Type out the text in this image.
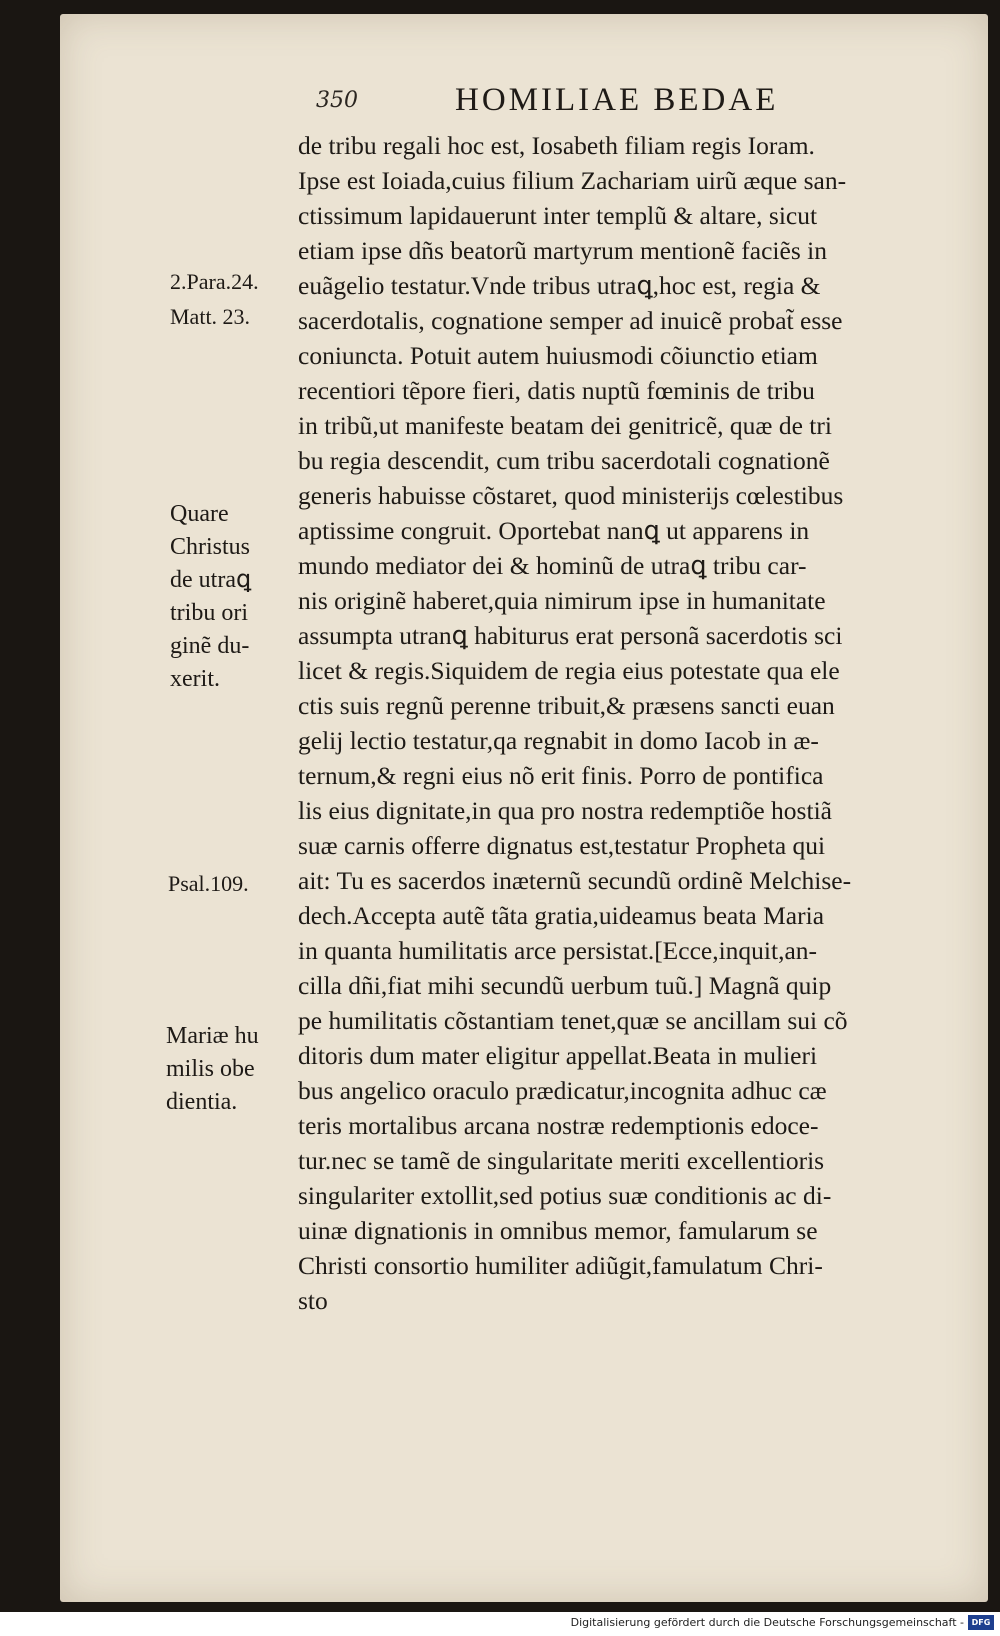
350	HOMILIAE BEDAE
de tribu regali hoc est, Iosabeth filiam regis Ioram.
Ipse est Ioiada,cuius filium Zachariam uirũ æque san-
ctissimum lapidauerunt inter templũ & altare, sicut
etiam ipse dñs beatorũ martyrum mentionẽ faciẽs in
euãgelio testatur.Vnde tribus utraꝗ,hoc est, regia &
sacerdotalis, cognatione semper ad inuicẽ probat̃ esse
coniuncta. Potuit autem huiusmodi cõiunctio etiam
recentiori tẽpore fieri, datis nuptũ fœminis de tribu
in tribũ,ut manifeste beatam dei genitricẽ, quæ de tri
bu regia descendit, cum tribu sacerdotali cognationẽ
generis habuisse cõstaret, quod ministerijs cœlestibus
aptissime congruit. Oportebat nanꝗ ut apparens in
mundo mediator dei & hominũ de utraꝗ tribu car-
nis originẽ haberet,quia nimirum ipse in humanitate
assumpta utranꝗ habiturus erat personã sacerdotis sci
licet & regis.Siquidem de regia eius potestate qua ele
ctis suis regnũ perenne tribuit,& præsens sancti euan
gelij lectio testatur,qa regnabit in domo Iacob in æ-
ternum,& regni eius nõ erit finis. Porro de pontifica
lis eius dignitate,in qua pro nostra redemptiõe hostiã
suæ carnis offerre dignatus est,testatur Propheta qui
ait: Tu es sacerdos inæternũ secundũ ordinẽ Melchise-
dech.Accepta autẽ tãta gratia,uideamus beata Maria
in quanta humilitatis arce persistat.[Ecce,inquit,an-
cilla dñi,fiat mihi secundũ uerbum tuũ.] Magnã quip
pe humilitatis cõstantiam tenet,quæ se ancillam sui cõ
ditoris dum mater eligitur appellat.Beata in mulieri
bus angelico oraculo prædicatur,incognita adhuc cæ
teris mortalibus arcana nostræ redemptionis edoce-
tur.nec se tamẽ de singularitate meriti excellentioris
singulariter extollit,sed potius suæ conditionis ac di-
uinæ dignationis in omnibus memor, famularum se
Christi consortio humiliter adiũgit,famulatum Chri-
sto
2.Para.24.
Matt. 23.
Quare
Christus
de utraꝗ
tribu ori
ginẽ du-
xerit.
Psal.109.
Mariæ hu
milis obe
dientia.
Digitalisierung gefördert durch die Deutsche Forschungsgemeinschaft - DFG
